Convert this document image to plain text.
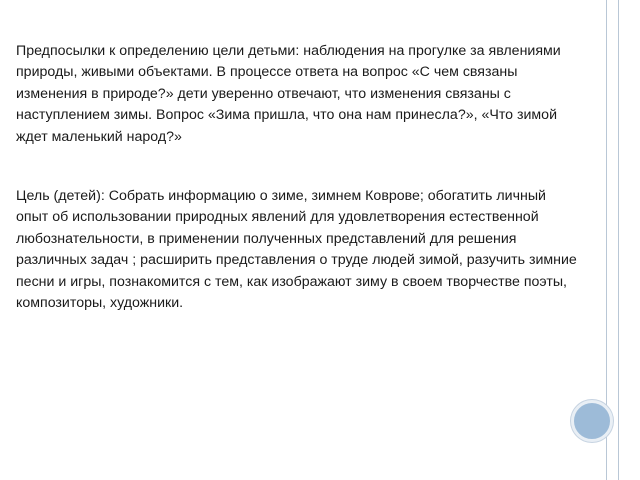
Предпосылки к определению цели детьми: наблюдения на прогулке за явлениями
природы, живыми объектами. В процессе ответа на вопрос «С чем связаны
изменения в природе?» дети уверенно отвечают, что изменения связаны с
наступлением зимы. Вопрос «Зима пришла, что она нам принесла?», «Что зимой
ждет маленький народ?»

Цель (детей): Собрать информацию о зиме, зимнем Коврове; обогатить личный
опыт об использовании природных явлений для удовлетворения естественной
любознательности, в применении полученных представлений для решения
различных задач ; расширить представления о труде людей зимой, разучить зимние
песни и игры, познакомится с тем, как изображают зиму в своем творчестве поэты,
композиторы, художники.
